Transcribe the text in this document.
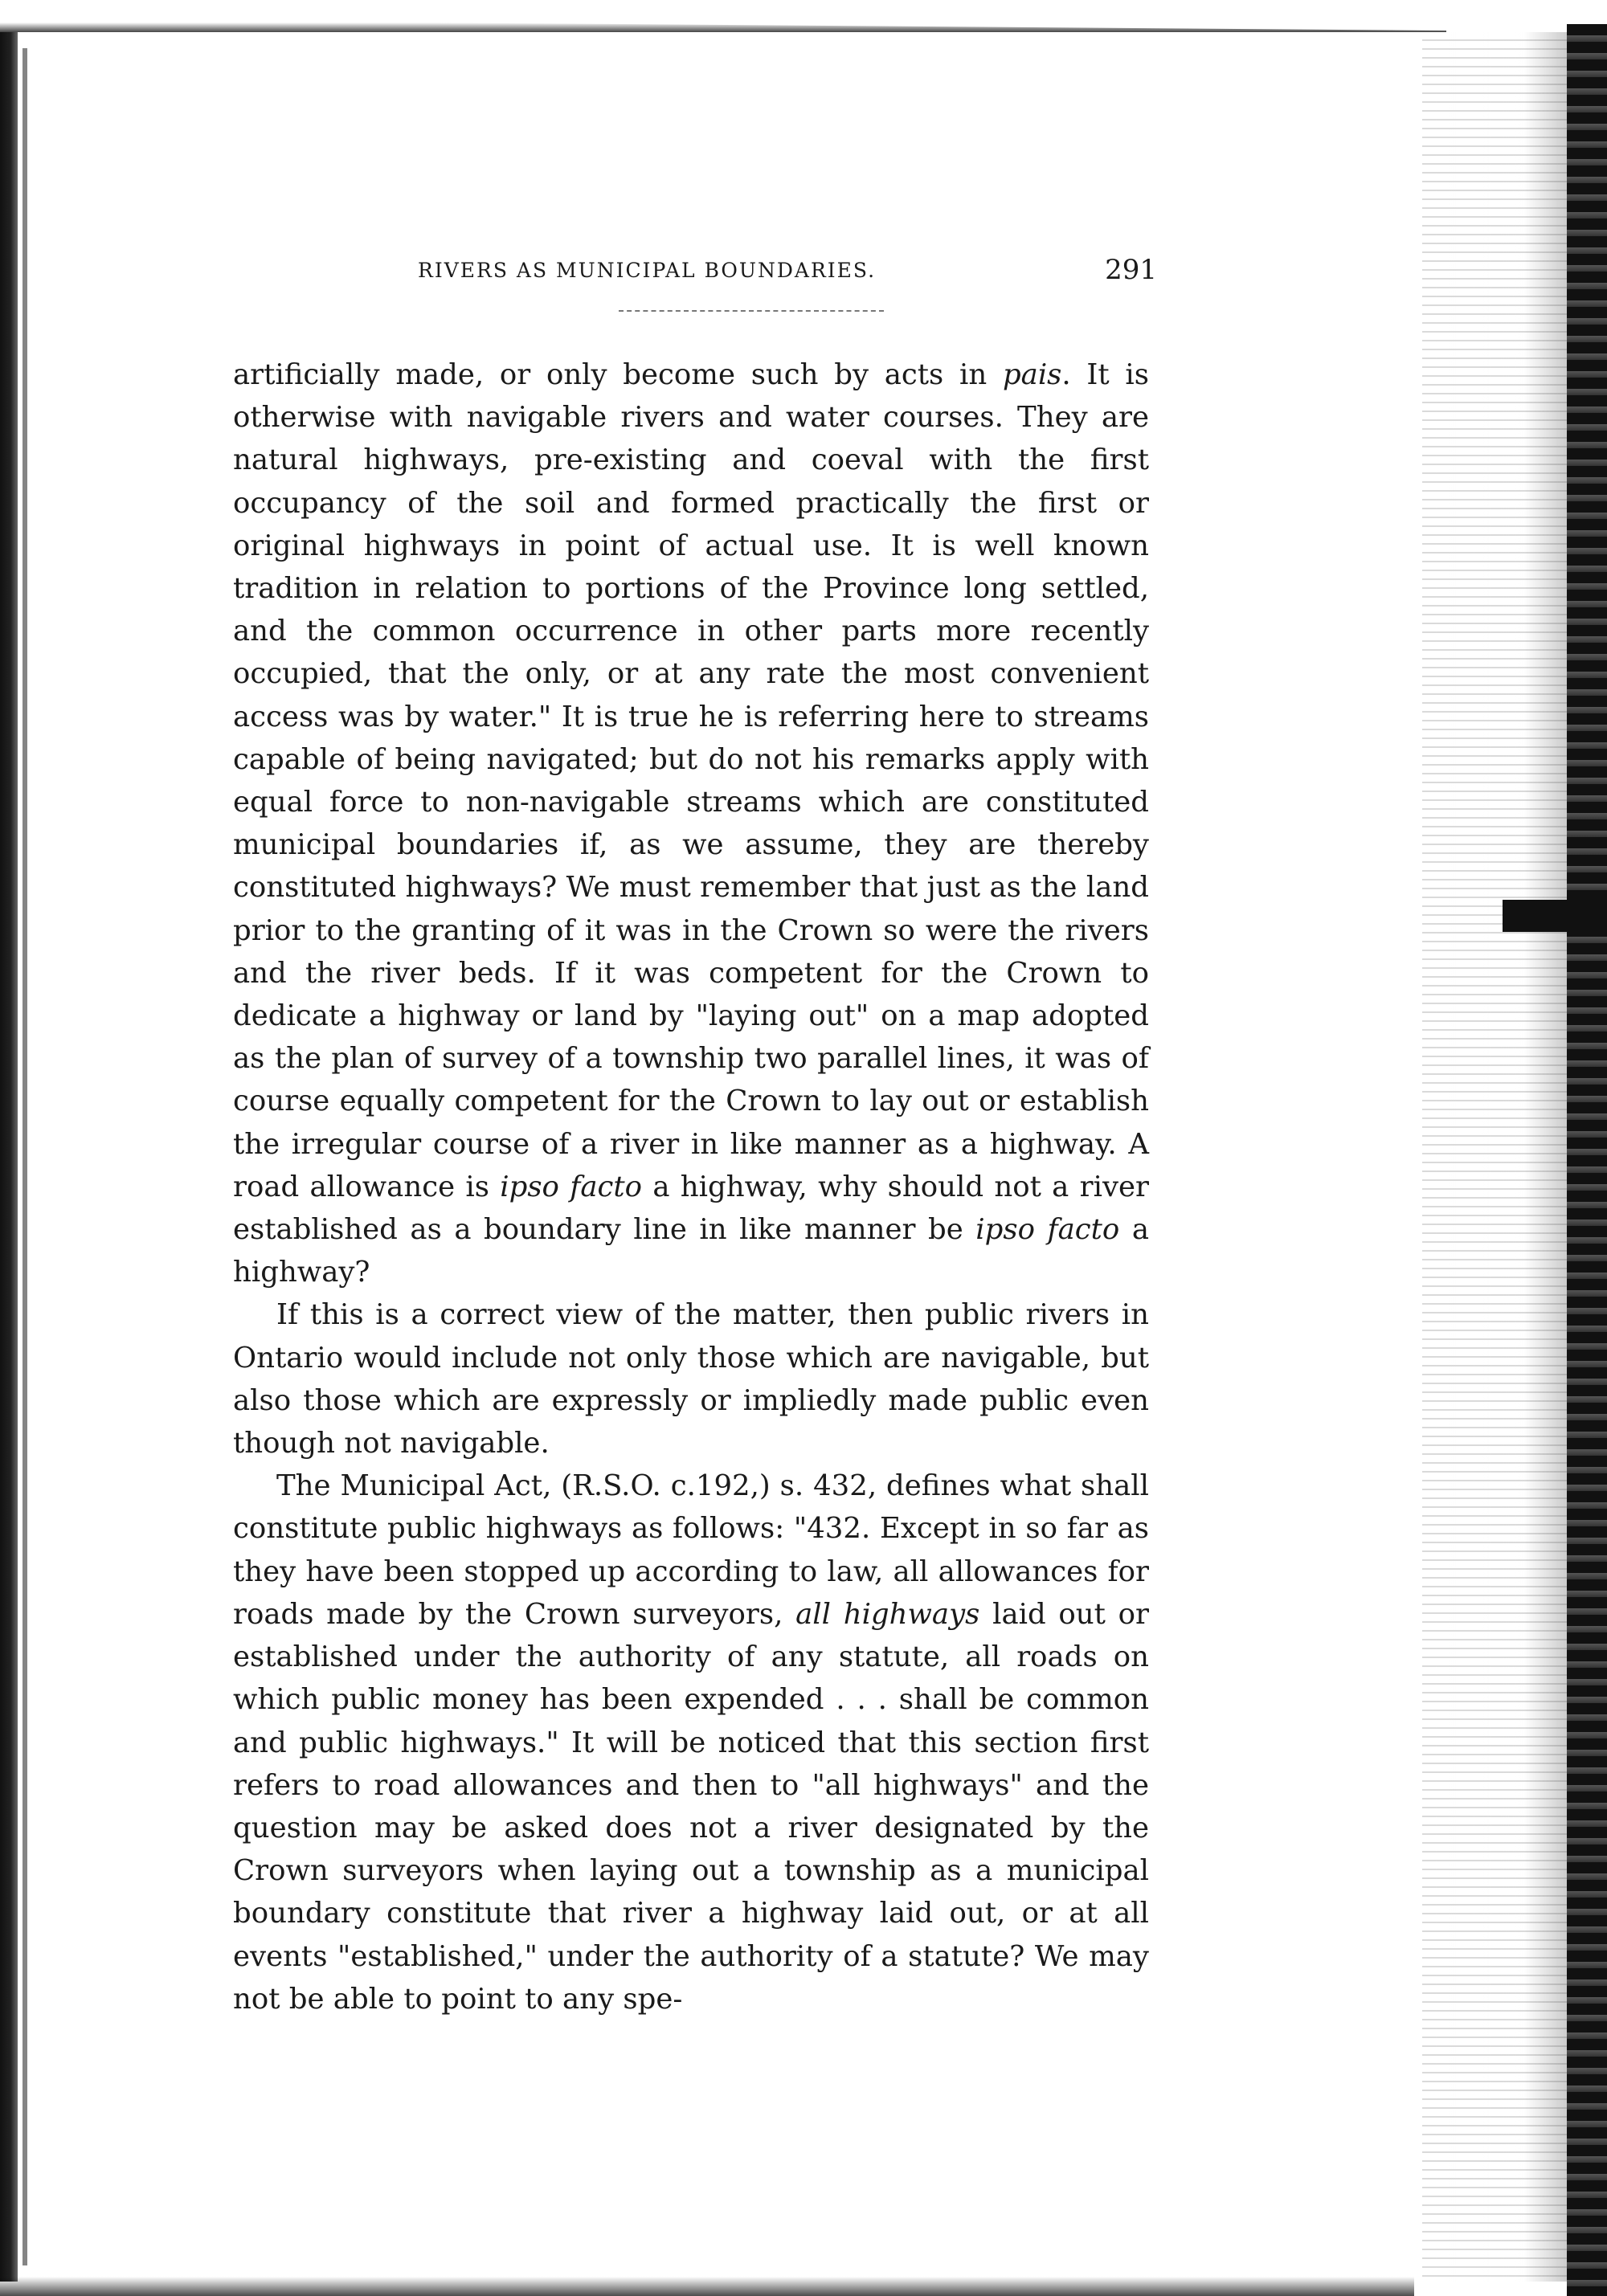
RIVERS AS MUNICIPAL BOUNDARIES.	291

artificially made, or only become such by acts in pais. It is otherwise with navigable rivers and water courses. They are natural highways, pre-existing and coeval with the first occupancy of the soil and formed practically the first or original highways in point of actual use. It is well known tradition in relation to portions of the Province long settled, and the common occurrence in other parts more recently occupied, that the only, or at any rate the most convenient access was by water." It is true he is referring here to streams capable of being navigated; but do not his remarks apply with equal force to non-navigable streams which are constituted municipal boundaries if, as we assume, they are thereby constituted highways? We must remember that just as the land prior to the granting of it was in the Crown so were the rivers and the river beds. If it was competent for the Crown to dedicate a highway or land by "laying out" on a map adopted as the plan of survey of a township two parallel lines, it was of course equally competent for the Crown to lay out or establish the irregular course of a river in like manner as a highway. A road allowance is ipso facto a highway, why should not a river established as a boundary line in like manner be ipso facto a highway?

If this is a correct view of the matter, then public rivers in Ontario would include not only those which are navigable, but also those which are expressly or impliedly made public even though not navigable.

The Municipal Act, (R.S.O. c.192,) s. 432, defines what shall constitute public highways as follows: "432. Except in so far as they have been stopped up according to law, all allowances for roads made by the Crown surveyors, all highways laid out or established under the authority of any statute, all roads on which public money has been expended . . . shall be common and public highways." It will be noticed that this section first refers to road allowances and then to "all highways" and the question may be asked does not a river designated by the Crown surveyors when laying out a township as a municipal boundary constitute that river a highway laid out, or at all events "established," under the authority of a statute? We may not be able to point to any spe-
